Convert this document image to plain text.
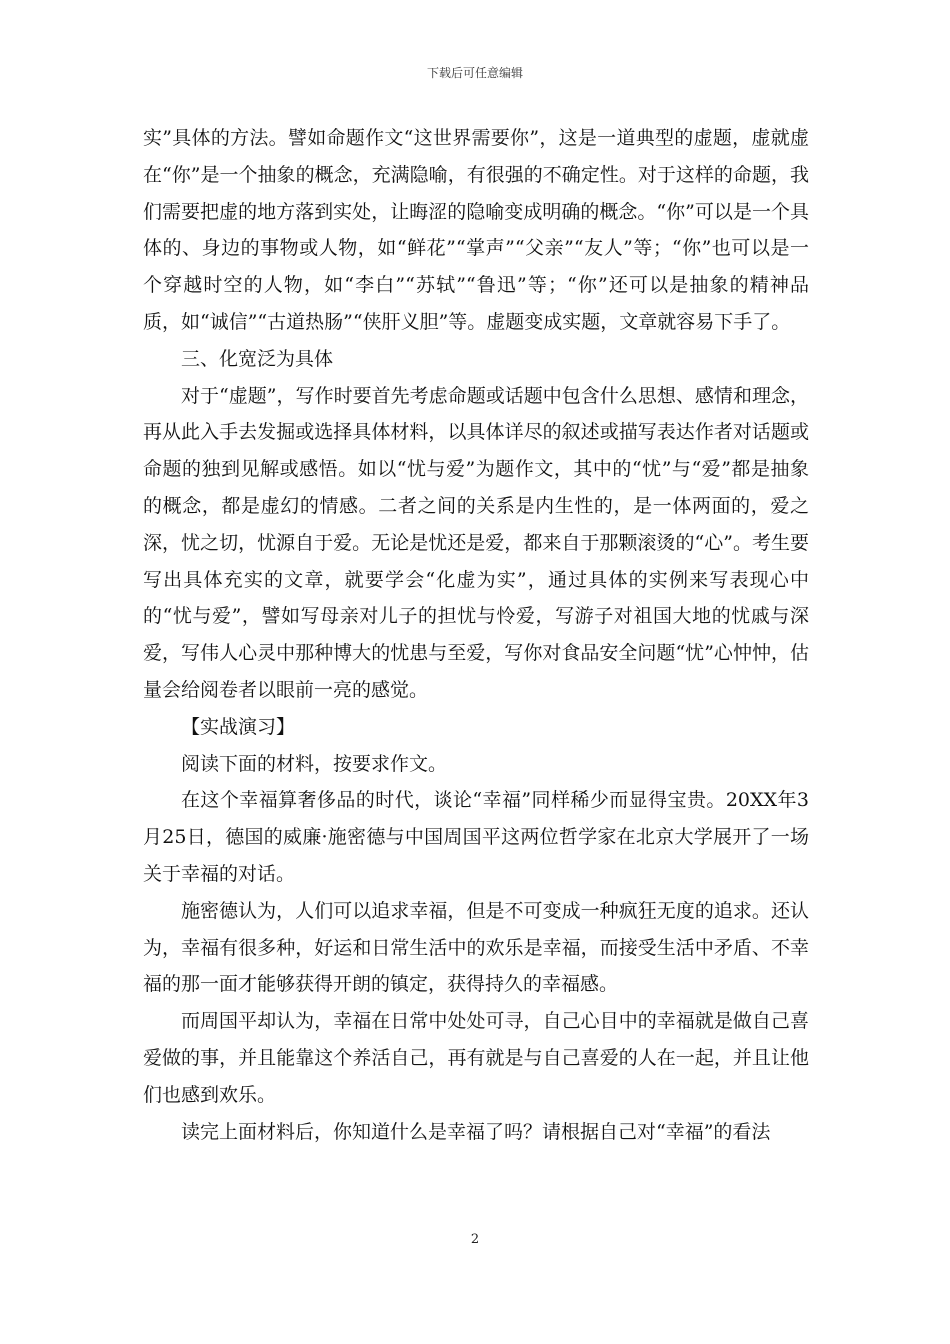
下载后可任意编辑

实”具体的方法。譬如命题作文“这世界需要你”，这是一道典型的虚题，虚就虚在“你”是一个抽象的概念，充满隐喻，有很强的不确定性。对于这样的命题，我们需要把虚的地方落到实处，让晦涩的隐喻变成明确的概念。“你”可以是一个具体的、身边的事物或人物，如“鲜花”“掌声”“父亲”“友人”等；“你”也可以是一个穿越时空的人物，如“李白”“苏轼”“鲁迅”等；“你”还可以是抽象的精神品质，如“诚信”“古道热肠”“侠肝义胆”等。虚题变成实题，文章就容易下手了。

三、化宽泛为具体

对于“虚题”，写作时要首先考虑命题或话题中包含什么思想、感情和理念，再从此入手去发掘或选择具体材料，以具体详尽的叙述或描写表达作者对话题或命题的独到见解或感悟。如以“忧与爱”为题作文，其中的“忧”与“爱”都是抽象的概念，都是虚幻的情感。二者之间的关系是内生性的，是一体两面的，爱之深，忧之切，忧源自于爱。无论是忧还是爱，都来自于那颗滚烫的“心”。考生要写出具体充实的文章，就要学会“化虚为实”，通过具体的实例来写表现心中的“忧与爱”，譬如写母亲对儿子的担忧与怜爱，写游子对祖国大地的忧戚与深爱，写伟人心灵中那种博大的忧患与至爱，写你对食品安全问题“忧”心忡忡，估量会给阅卷者以眼前一亮的感觉。

【实战演习】

阅读下面的材料，按要求作文。

在这个幸福算奢侈品的时代，谈论“幸福”同样稀少而显得宝贵。20XX年3月25日，德国的威廉·施密德与中国周国平这两位哲学家在北京大学展开了一场关于幸福的对话。

施密德认为，人们可以追求幸福，但是不可变成一种疯狂无度的追求。还认为，幸福有很多种，好运和日常生活中的欢乐是幸福，而接受生活中矛盾、不幸福的那一面才能够获得开朗的镇定，获得持久的幸福感。

而周国平却认为，幸福在日常中处处可寻，自己心目中的幸福就是做自己喜爱做的事，并且能靠这个养活自己，再有就是与自己喜爱的人在一起，并且让他们也感到欢乐。

读完上面材料后，你知道什么是幸福了吗？请根据自己对“幸福”的看法

2
